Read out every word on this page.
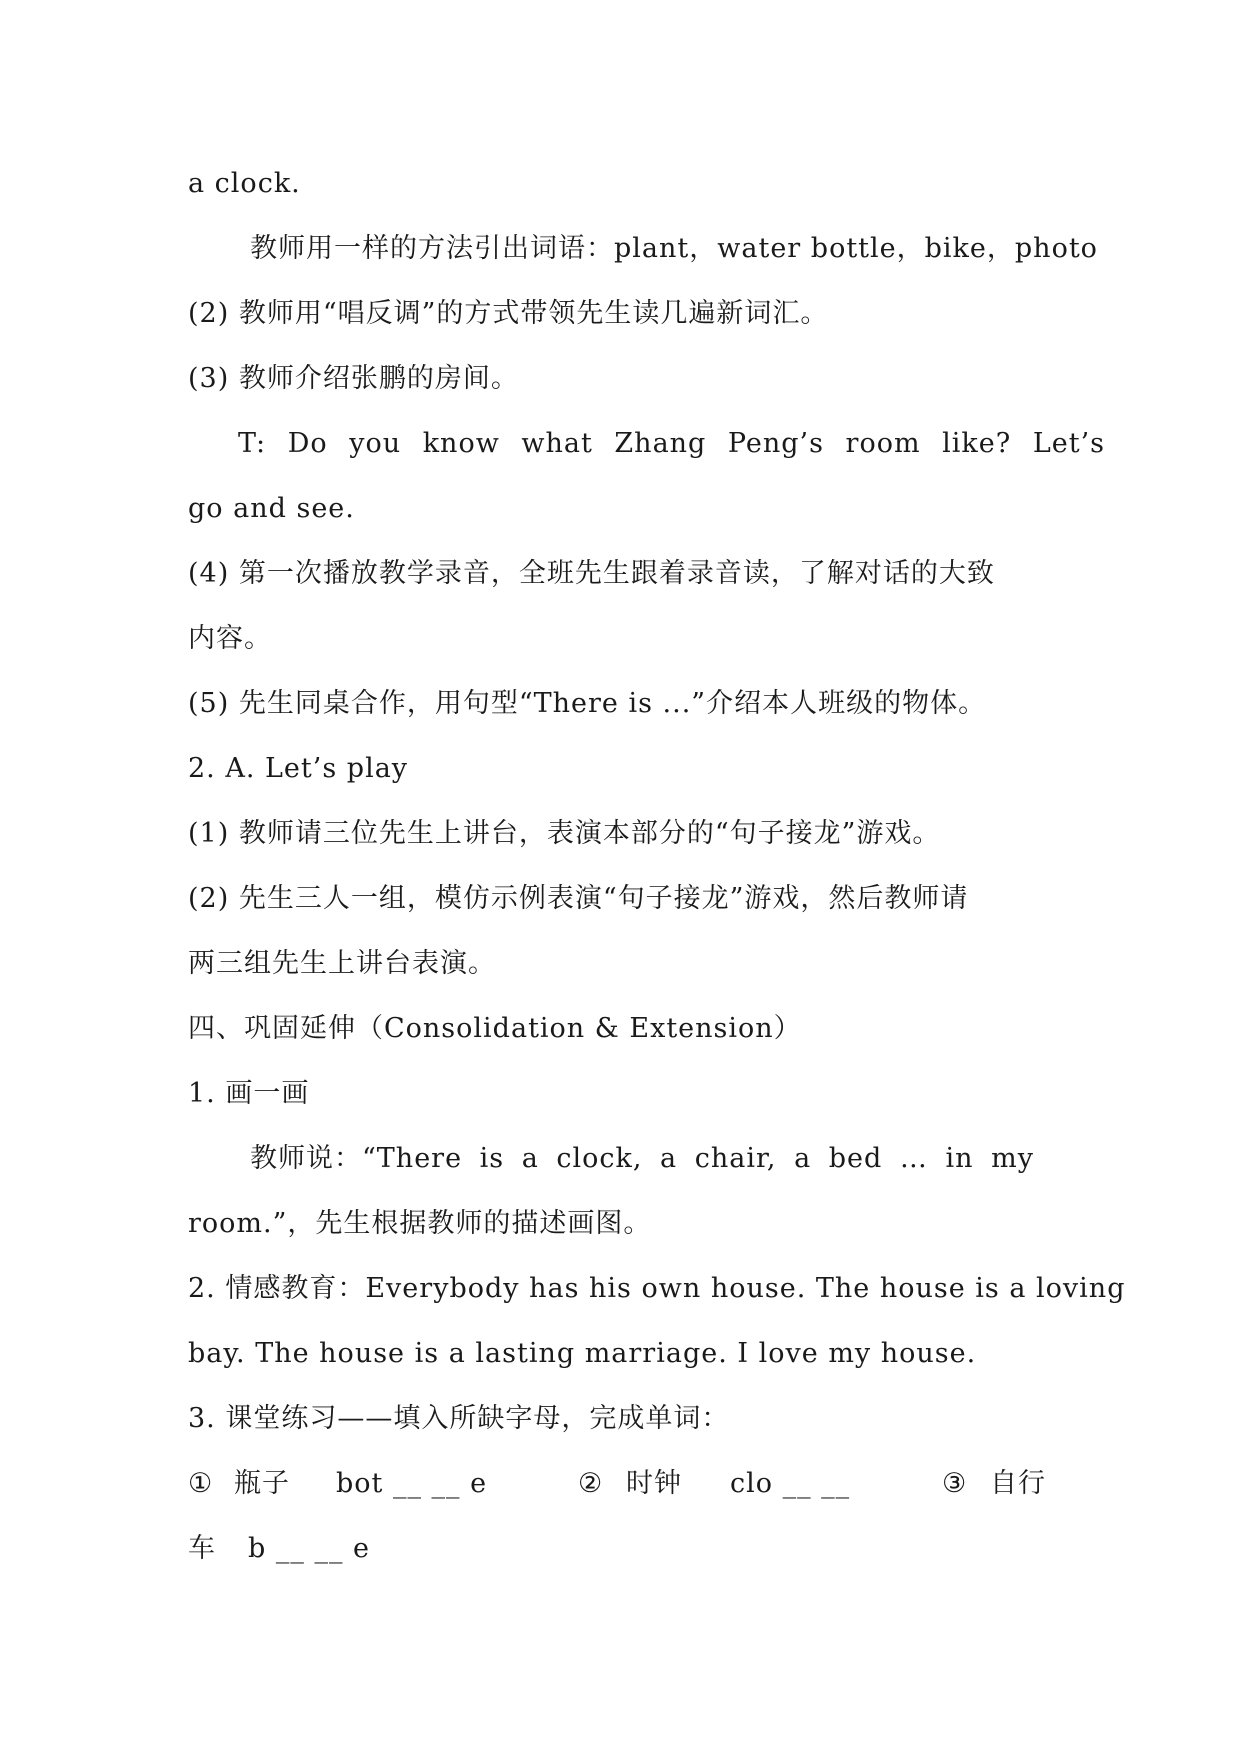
a clock.
教师用一样的方法引出词语：plant，water bottle，bike，photo
(2) 教师用“唱反调”的方式带领先生读几遍新词汇。
(3) 教师介绍张鹏的房间。
T: Do you know what Zhang Peng’s room like? Let’s
go and see.
(4) 第一次播放教学录音，全班先生跟着录音读，了解对话的大致
内容。
(5) 先生同桌合作，用句型“There is ...”介绍本人班级的物体。
2. A. Let’s play
(1) 教师请三位先生上讲台，表演本部分的“句子接龙”游戏。
(2) 先生三人一组，模仿示例表演“句子接龙”游戏，然后教师请
两三组先生上讲台表演。
四、巩固延伸（Consolidation & Extension）
1. 画一画
教师说：“There is a clock, a chair, a bed … in my
room.”，先生根据教师的描述画图。
2. 情感教育：Everybody has his own house. The house is a loving
bay. The house is a lasting marriage. I love my house.
3. 课堂练习——填入所缺字母，完成单词：
① 瓶子 bot __ __ e	② 时钟 clo __ __	③ 自行
车 b __ __ e
